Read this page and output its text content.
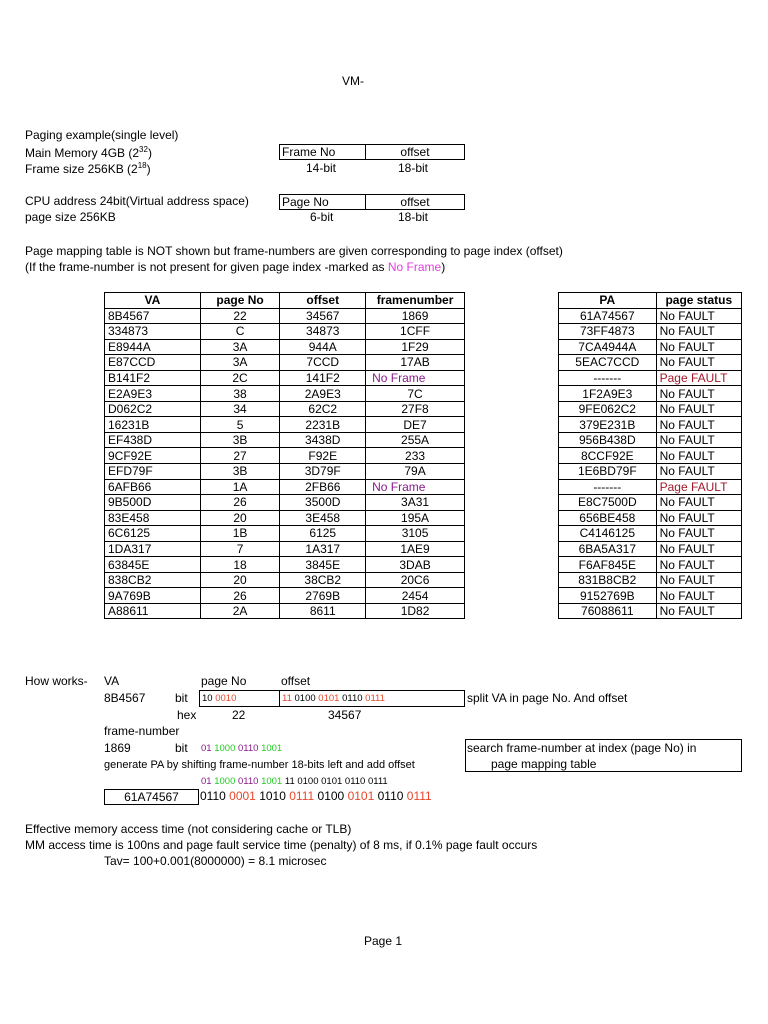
VM-
Paging example(single level)
Main Memory 4GB $(2^{32})$
Frame size 256KB $(2^{18})$
CPU address 24bit(Virtual address space)
page size 256KB
Frame No	offset
14-bit	18-bit
Page No	offset
6-bit	18-bit
Page mapping table is NOT shown but frame-numbers are given corresponding to page index (offset)
(If the frame-number is not present for given page index -marked as No Frame)
VA	page No	offset	framenumber
8B4567	22	34567	1869
334873	C	34873	1CFF
E8944A	3A	944A	1F29
E87CCD	3A	7CCD	17AB
B141F2	2C	141F2	No Frame
E2A9E3	38	2A9E3	7C
D062C2	34	62C2	27F8
16231B	5	2231B	DE7
EF438D	3B	3438D	255A
9CF92E	27	F92E	233
EFD79F	3B	3D79F	79A
6AFB66	1A	2FB66	No Frame
9B500D	26	3500D	3A31
83E458	20	3E458	195A
6C6125	1B	6125	3105
1DA317	7	1A317	1AE9
63845E	18	3845E	3DAB
838CB2	20	38CB2	20C6
9A769B	26	2769B	2454
A88611	2A	8611	1D82
PA	page status
61A74567	No FAULT
73FF4873	No FAULT
7CA4944A	No FAULT
5EAC7CCD	No FAULT
-------	Page FAULT
1F2A9E3	No FAULT
9FE062C2	No FAULT
379E231B	No FAULT
956B438D	No FAULT
8CCF92E	No FAULT
1E6BD79F	No FAULT
-------	Page FAULT
E8C7500D	No FAULT
656BE458	No FAULT
C4146125	No FAULT
6BA5A317	No FAULT
F6AF845E	No FAULT
831B8CB2	No FAULT
9152769B	No FAULT
76088611	No FAULT
How works- VA	page No	offset
8B4567 bit 10 0010	11 0100 0101 0110 0111	split VA in page No. And offset
hex	22	34567
frame-number
1869	bit 01 1000 0110 1001	search frame-number at index (page No) in
page mapping table
generate PA by shifting frame-number 18-bits left and add offset
01 1000 0110 1001 11 0100 0101 0110 0111
61A74567	0110 0001 1010 0111 0100 0101 0110 0111
Effective memory access time (not considering cache or TLB)
MM access time is 100ns and page fault service time (penalty) of 8 ms, if 0.1% page fault occurs
Tav= 100+0.001(8000000) = 8.1 microsec
Page 1
